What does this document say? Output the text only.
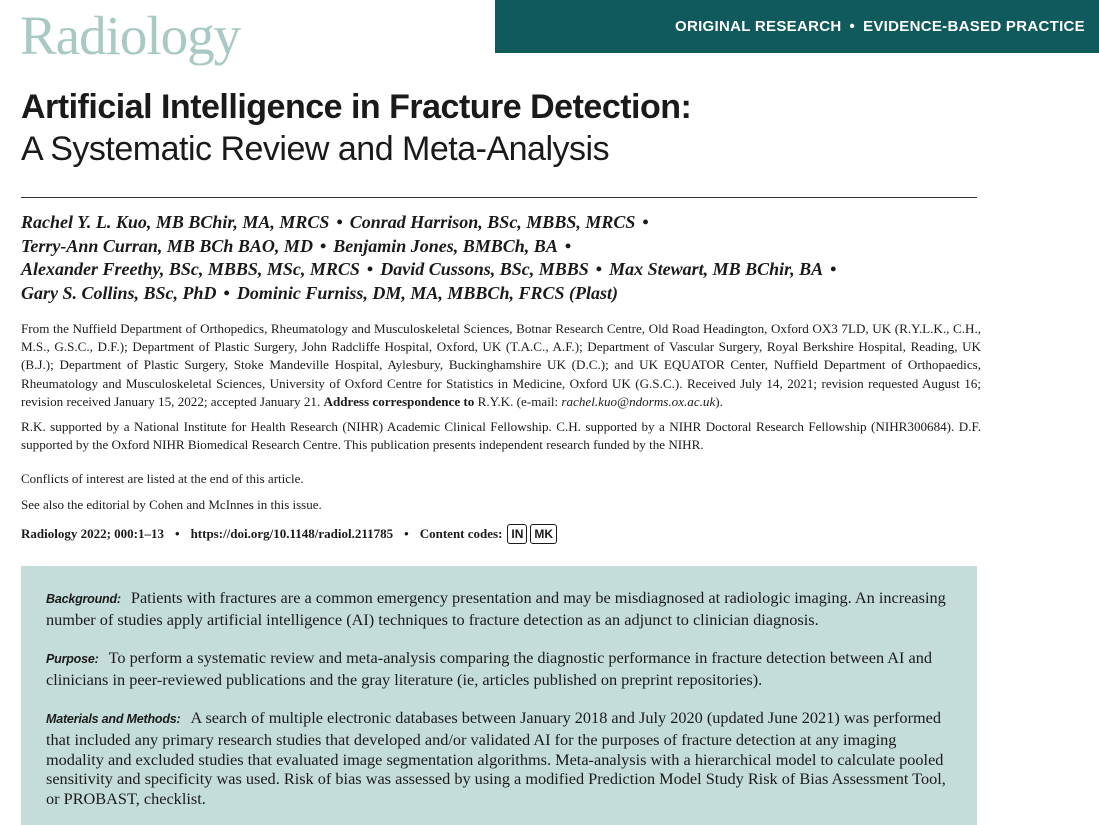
Radiology	ORIGINAL RESEARCH • EVIDENCE-BASED PRACTICE
Artificial Intelligence in Fracture Detection:
A Systematic Review and Meta-Analysis
Rachel Y. L. Kuo, MB BChir, MA, MRCS • Conrad Harrison, BSc, MBBS, MRCS •
Terry-Ann Curran, MB BCh BAO, MD • Benjamin Jones, BMBCh, BA •
Alexander Freethy, BSc, MBBS, MSc, MRCS • David Cussons, BSc, MBBS • Max Stewart, MB BChir, BA •
Gary S. Collins, BSc, PhD • Dominic Furniss, DM, MA, MBBCh, FRCS (Plast)
From the Nuffield Department of Orthopedics, Rheumatology and Musculoskeletal Sciences, Botnar Research Centre, Old Road Headington, Oxford OX3 7LD, UK (R.Y.L.K., C.H., M.S., G.S.C., D.F.); Department of Plastic Surgery, John Radcliffe Hospital, Oxford, UK (T.A.C., A.F.); Department of Vascular Surgery, Royal Berkshire Hospital, Reading, UK (B.J.); Department of Plastic Surgery, Stoke Mandeville Hospital, Aylesbury, Buckinghamshire UK (D.C.); and UK EQUATOR Center, Nuffield Department of Orthopaedics, Rheumatology and Musculoskeletal Sciences, University of Oxford Centre for Statistics in Medicine, Oxford UK (G.S.C.). Received July 14, 2021; revision requested August 16; revision received January 15, 2022; accepted January 21. Address correspondence to R.Y.K. (e-mail: rachel.kuo@ndorms.ox.ac.uk).
R.K. supported by a National Institute for Health Research (NIHR) Academic Clinical Fellowship. C.H. supported by a NIHR Doctoral Research Fellowship (NIHR300684). D.F. supported by the Oxford NIHR Biomedical Research Centre. This publication presents independent research funded by the NIHR.
Conflicts of interest are listed at the end of this article.
See also the editorial by Cohen and McInnes in this issue.
Radiology 2022; 000:1–13 • https://doi.org/10.1148/radiol.211785 • Content codes: IN MK

Background: Patients with fractures are a common emergency presentation and may be misdiagnosed at radiologic imaging. An increasing number of studies apply artificial intelligence (AI) techniques to fracture detection as an adjunct to clinician diagnosis.

Purpose: To perform a systematic review and meta-analysis comparing the diagnostic performance in fracture detection between AI and clinicians in peer-reviewed publications and the gray literature (ie, articles published on preprint repositories).

Materials and Methods: A search of multiple electronic databases between January 2018 and July 2020 (updated June 2021) was performed that included any primary research studies that developed and/or validated AI for the purposes of fracture detection at any imaging modality and excluded studies that evaluated image segmentation algorithms. Meta-analysis with a hierarchical model to calculate pooled sensitivity and specificity was used. Risk of bias was assessed by using a modified Prediction Model Study Risk of Bias Assessment Tool, or PROBAST, checklist.
